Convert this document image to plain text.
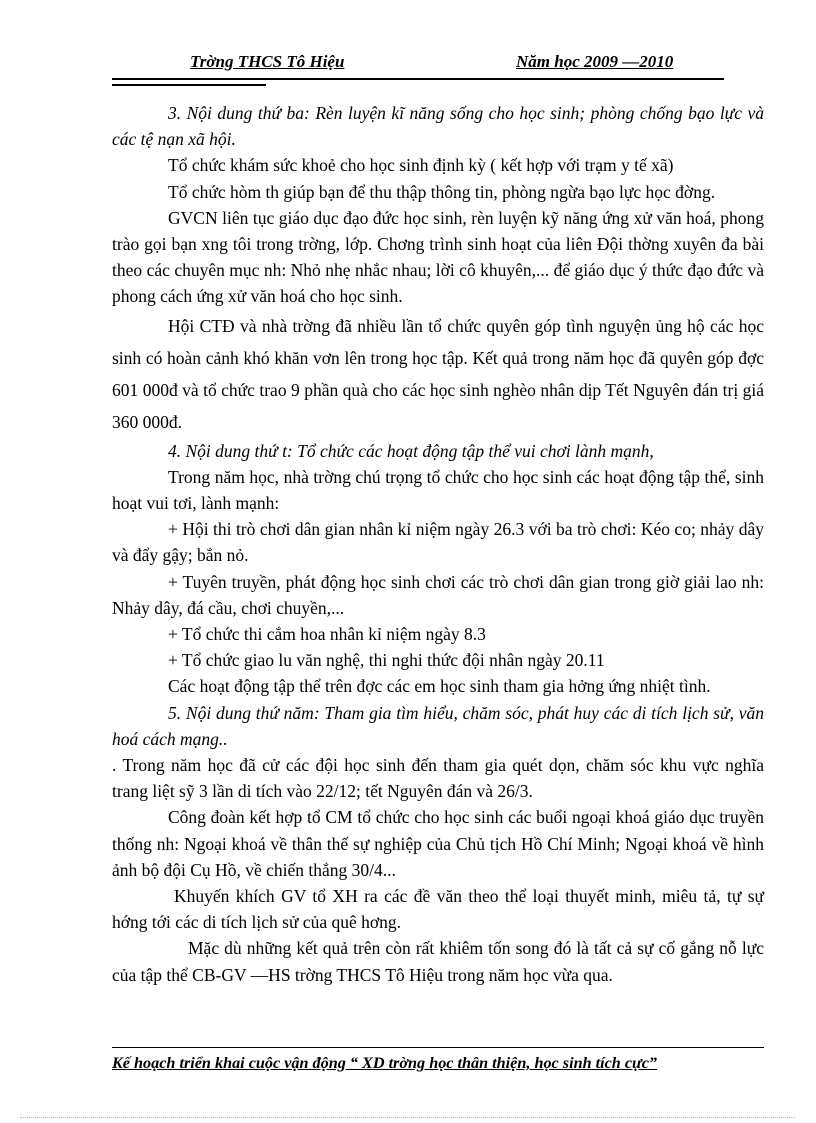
Trờng THCS Tô Hiệu	Năm học 2009 —2010

3. Nội dung thứ ba: Rèn luyện kĩ năng sống cho học sinh; phòng chống bạo lực và các tệ nạn xã hội.

Tổ chức khám sức khoẻ cho học sinh định kỳ ( kết hợp với trạm y tế xã)

Tổ chức hòm th giúp bạn để thu thập thông tin, phòng ngừa bạo lực học đờng.

GVCN liên tục giáo dục đạo đức học sinh, rèn luyện kỹ năng ứng xử văn hoá, phong trào gọi bạn xng tôi trong trờng, lớp. Chơng trình sinh hoạt của liên Đội thờng xuyên đa bài theo các chuyên mục nh: Nhỏ nhẹ nhắc nhau; lời cô khuyên,... để giáo dục ý thức đạo đức và phong cách ứng xử văn hoá cho học sinh.

Hội CTĐ và nhà trờng đã nhiều lần tổ chức quyên góp tình nguyện ủng hộ các học sinh có hoàn cảnh khó khăn vơn lên trong học tập. Kết quả trong năm học đã quyên góp đợc 601 000đ và tổ chức trao 9 phần quà cho các học sinh nghèo nhân dịp Tết Nguyên đán trị giá 360 000đ.

4. Nội dung thứ t: Tổ chức các hoạt động tập thể vui chơi lành mạnh,

Trong năm học, nhà trờng chú trọng tổ chức cho học sinh các hoạt động tập thể, sinh hoạt vui tơi, lành mạnh:

+ Hội thi trò chơi dân gian nhân kỉ niệm ngày 26.3 với ba trò chơi: Kéo co; nhảy dây và đẩy gậy; bắn nỏ.

+ Tuyên truyền, phát động học sinh chơi các trò chơi dân gian trong giờ giải lao nh: Nhảy dây, đá cầu, chơi chuyền,...

+ Tổ chức thi cắm hoa nhân kỉ niệm ngày 8.3

+ Tổ chức giao lu văn nghệ, thi nghi thức đội nhân ngày 20.11

Các hoạt động tập thể trên đợc các em học sinh tham gia hởng ứng nhiệt tình.

5. Nội dung thứ năm: Tham gia tìm hiểu, chăm sóc, phát huy các di tích lịch sử, văn hoá cách mạng..

. Trong năm học đã cử các đội học sinh đến tham gia quét dọn, chăm sóc khu vực nghĩa trang liệt sỹ 3 lần di tích vào 22/12; tết Nguyên đán và 26/3.

Công đoàn kết hợp tổ CM tổ chức cho học sinh các buổi ngoại khoá giáo dục truyền thống nh: Ngoại khoá về thân thế sự nghiệp của Chủ tịch Hồ Chí Minh; Ngoại khoá về hình ảnh bộ đội Cụ Hồ, về chiến thắng 30/4...

Khuyến khích GV tổ XH ra các đề văn theo thể loại thuyết minh, miêu tả, tự sự hớng tới các di tích lịch sử của quê hơng.

Mặc dù những kết quả trên còn rất khiêm tốn song đó là tất cả sự cố gắng nỗ lực của tập thể CB-GV —HS trờng THCS Tô Hiệu trong năm học vừa qua.

Kế hoạch triển khai cuộc vận động “ XD trờng học thân thiện, học sinh tích cực”
